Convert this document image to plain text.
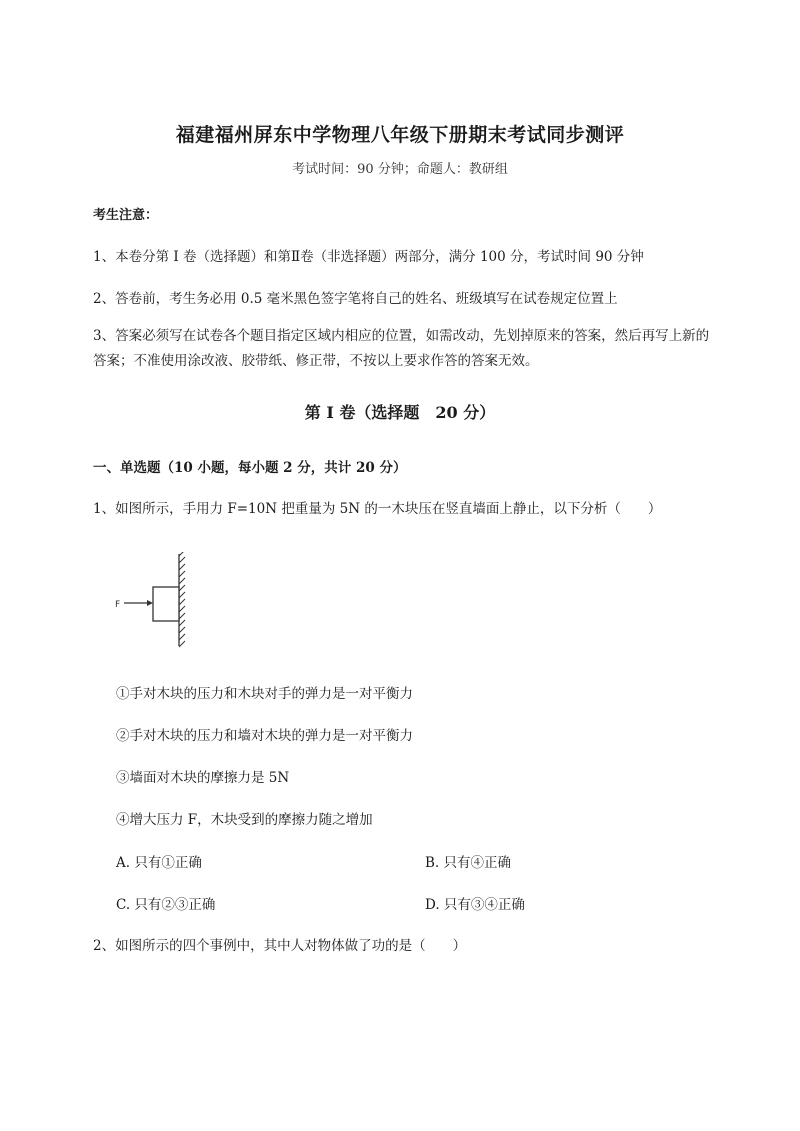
福建福州屏东中学物理八年级下册期末考试同步测评
考试时间：90 分钟；命题人：教研组
考生注意：
1、本卷分第 I 卷（选择题）和第Ⅱ卷（非选择题）两部分，满分 100 分，考试时间 90 分钟
2、答卷前，考生务必用 0.5 毫米黑色签字笔将自己的姓名、班级填写在试卷规定位置上
3、答案必须写在试卷各个题目指定区域内相应的位置，如需改动，先划掉原来的答案，然后再写上新的答案；不准使用涂改液、胶带纸、修正带，不按以上要求作答的答案无效。
第 I 卷（选择题　20 分）
一、单选题（10 小题，每小题 2 分，共计 20 分）
1、如图所示，手用力 F=10N 把重量为 5N 的一木块压在竖直墙面上静止，以下分析（　　）
F
①手对木块的压力和木块对手的弹力是一对平衡力
②手对木块的压力和墙对木块的弹力是一对平衡力
③墙面对木块的摩擦力是 5N
④增大压力 F，木块受到的摩擦力随之增加
A. 只有①正确	B. 只有④正确
C. 只有②③正确	D. 只有③④正确
2、如图所示的四个事例中，其中人对物体做了功的是（　　）
